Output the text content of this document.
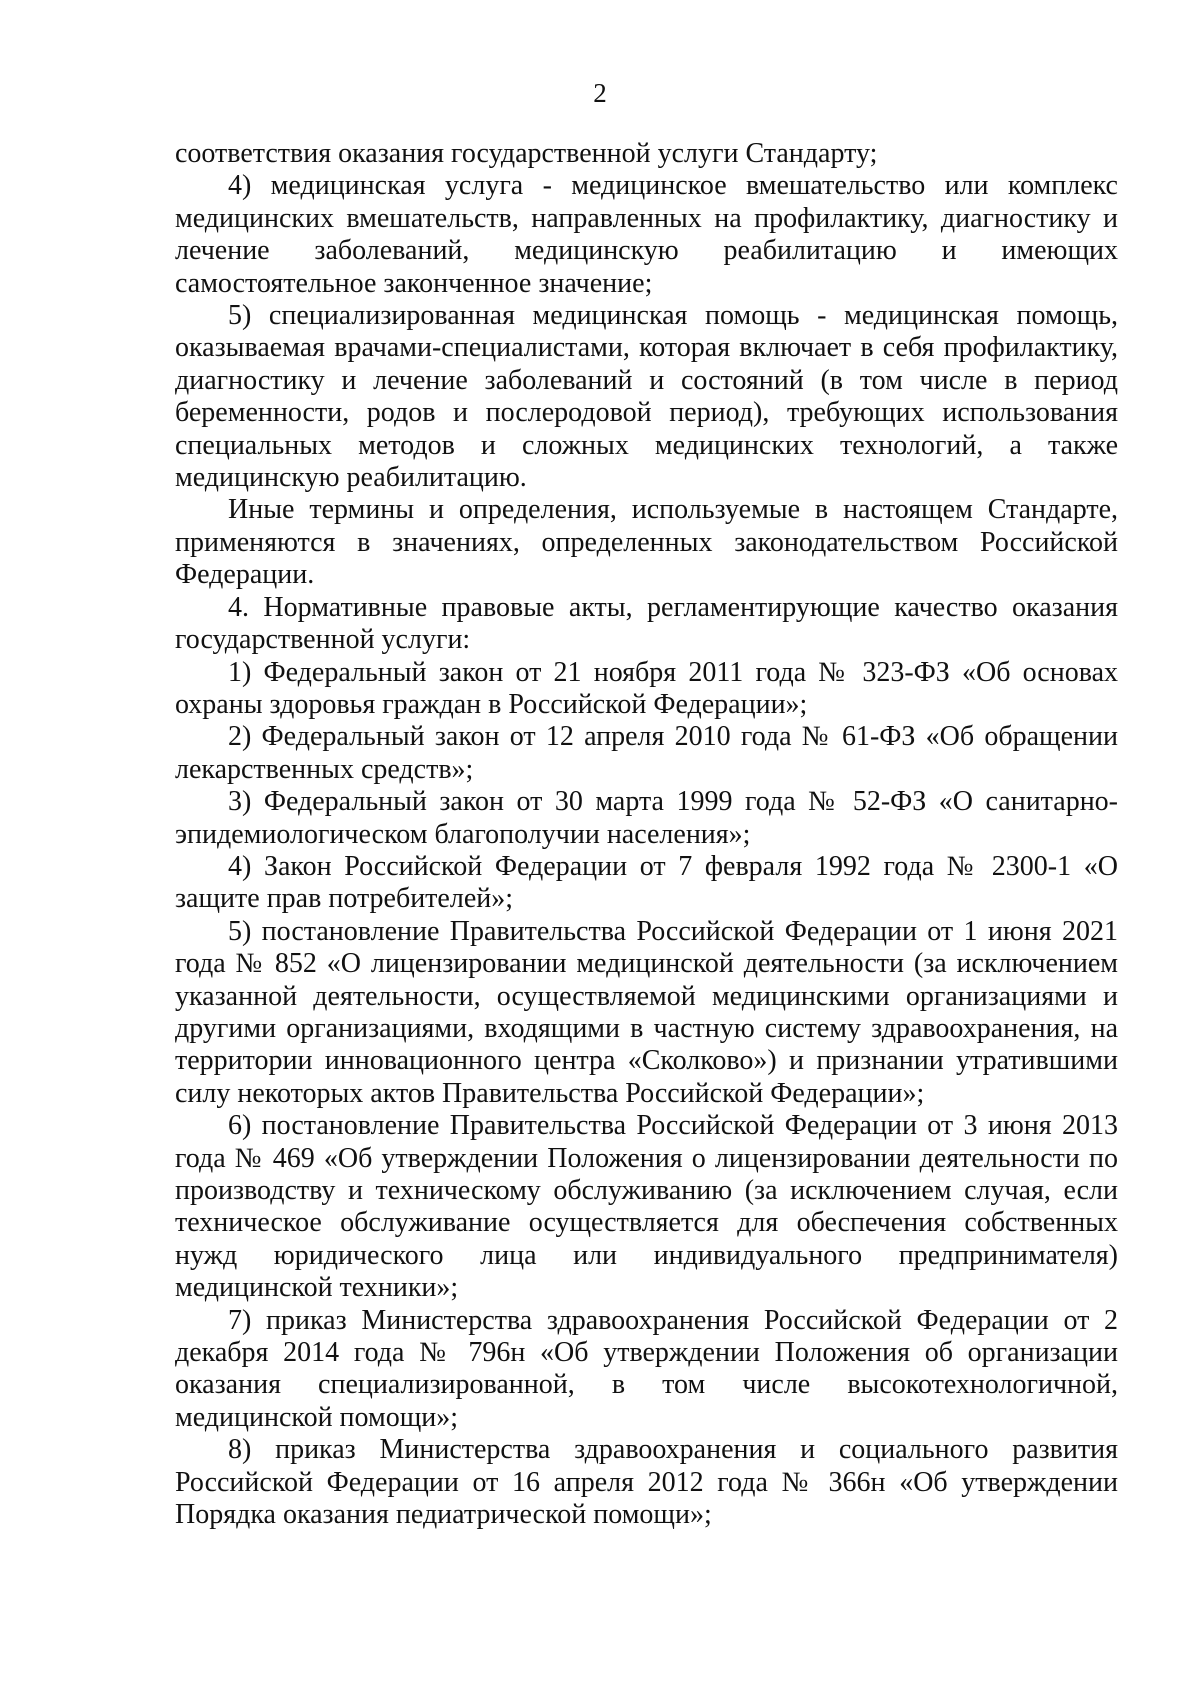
2

соответствия оказания государственной услуги Стандарту;

4) медицинская услуга - медицинское вмешательство или комплекс медицинских вмешательств, направленных на профилактику, диагностику и лечение заболеваний, медицинскую реабилитацию и имеющих самостоятельное законченное значение;

5) специализированная медицинская помощь - медицинская помощь, оказываемая врачами-специалистами, которая включает в себя профилактику, диагностику и лечение заболеваний и состояний (в том числе в период беременности, родов и послеродовой период), требующих использования специальных методов и сложных медицинских технологий, а также медицинскую реабилитацию.

Иные термины и определения, используемые в настоящем Стандарте, применяются в значениях, определенных законодательством Российской Федерации.

4. Нормативные правовые акты, регламентирующие качество оказания государственной услуги:

1) Федеральный закон от 21 ноября 2011 года № 323-ФЗ «Об основах охраны здоровья граждан в Российской Федерации»;

2) Федеральный закон от 12 апреля 2010 года № 61-ФЗ «Об обращении лекарственных средств»;

3) Федеральный закон от 30 марта 1999 года № 52-ФЗ «О санитарно-эпидемиологическом благополучии населения»;

4) Закон Российской Федерации от 7 февраля 1992 года № 2300-1 «О защите прав потребителей»;

5) постановление Правительства Российской Федерации от 1 июня 2021 года № 852 «О лицензировании медицинской деятельности (за исключением указанной деятельности, осуществляемой медицинскими организациями и другими организациями, входящими в частную систему здравоохранения, на территории инновационного центра «Сколково») и признании утратившими силу некоторых актов Правительства Российской Федерации»;

6) постановление Правительства Российской Федерации от 3 июня 2013 года № 469 «Об утверждении Положения о лицензировании деятельности по производству и техническому обслуживанию (за исключением случая, если техническое обслуживание осуществляется для обеспечения собственных нужд юридического лица или индивидуального предпринимателя) медицинской техники»;

7) приказ Министерства здравоохранения Российской Федерации от 2 декабря 2014 года № 796н «Об утверждении Положения об организации оказания специализированной, в том числе высокотехнологичной, медицинской помощи»;

8) приказ Министерства здравоохранения и социального развития Российской Федерации от 16 апреля 2012 года № 366н «Об утверждении Порядка оказания педиатрической помощи»;
